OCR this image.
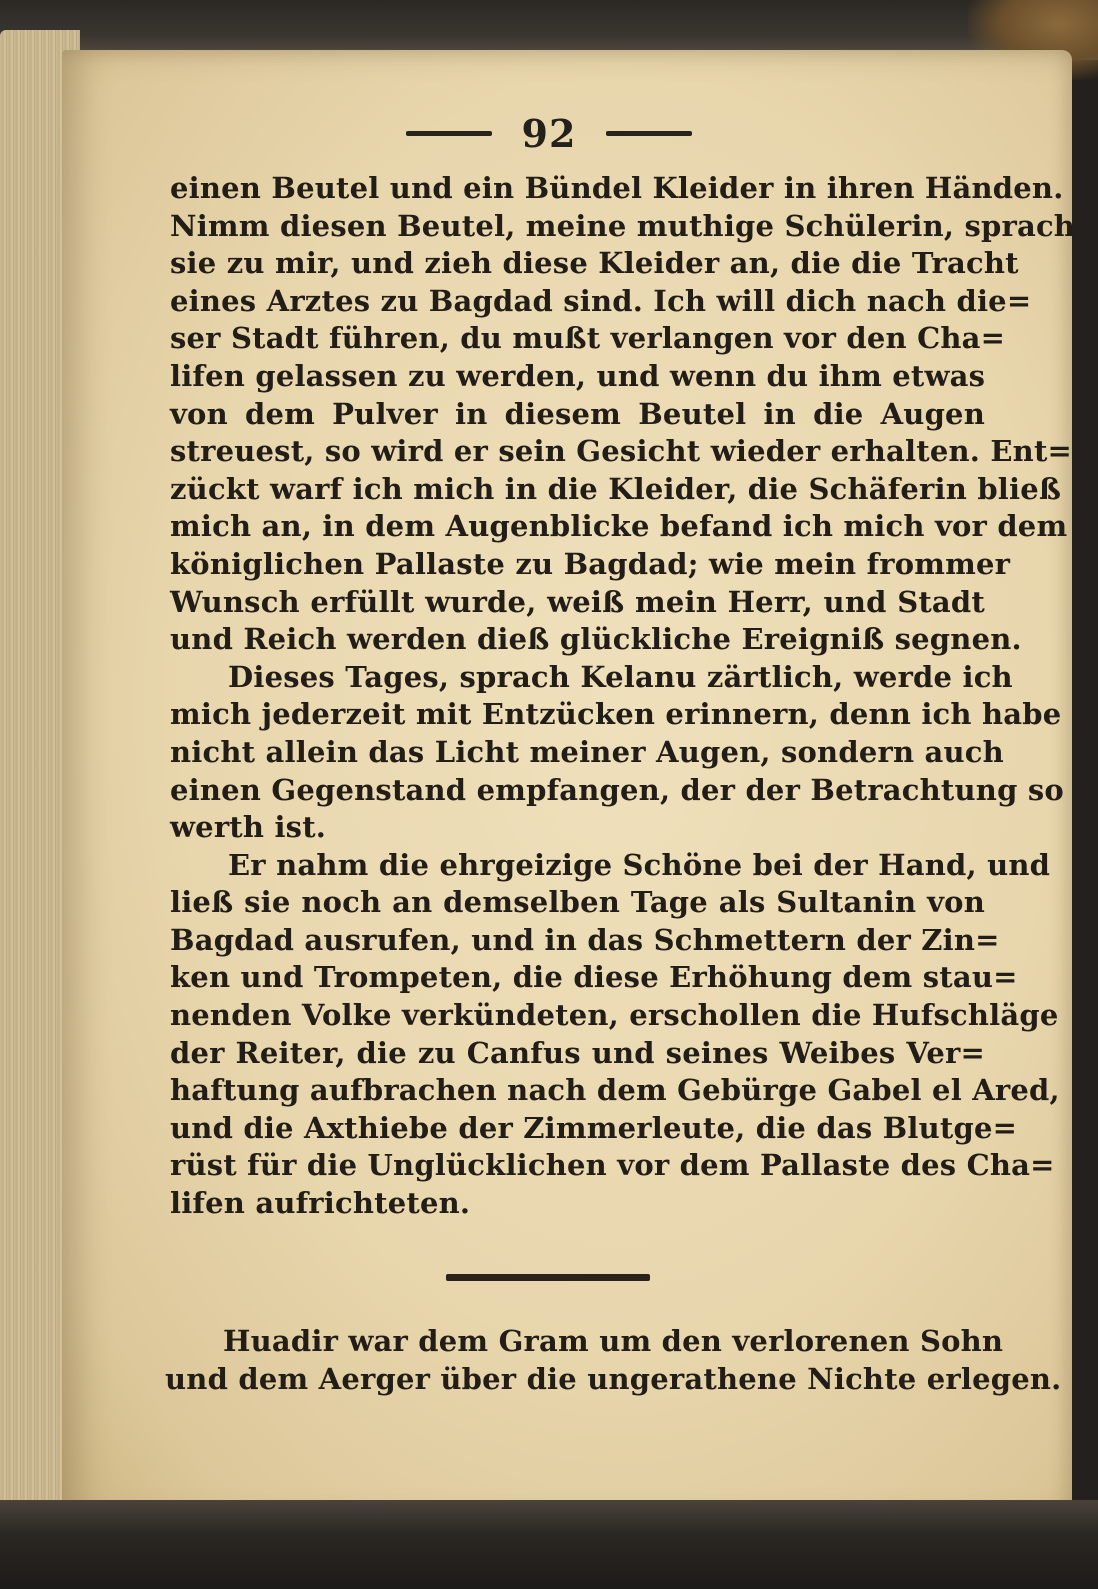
92
einen Beutel und ein Bündel Kleider in ihren Händen.
Nimm diesen Beutel, meine muthige Schülerin, sprach
sie zu mir, und zieh diese Kleider an, die die Tracht
eines Arztes zu Bagdad sind. Ich will dich nach die=
ser Stadt führen, du mußt verlangen vor den Cha=
lifen gelassen zu werden, und wenn du ihm etwas
von dem Pulver in diesem Beutel in die Augen
streuest, so wird er sein Gesicht wieder erhalten. Ent=
zückt warf ich mich in die Kleider, die Schäferin bließ
mich an, in dem Augenblicke befand ich mich vor dem
königlichen Pallaste zu Bagdad; wie mein frommer
Wunsch erfüllt wurde, weiß mein Herr, und Stadt
und Reich werden dieß glückliche Ereigniß segnen.
Dieses Tages, sprach Kelanu zärtlich, werde ich
mich jederzeit mit Entzücken erinnern, denn ich habe
nicht allein das Licht meiner Augen, sondern auch
einen Gegenstand empfangen, der der Betrachtung so
werth ist.
Er nahm die ehrgeizige Schöne bei der Hand, und
ließ sie noch an demselben Tage als Sultanin von
Bagdad ausrufen, und in das Schmettern der Zin=
ken und Trompeten, die diese Erhöhung dem stau=
nenden Volke verkündeten, erschollen die Hufschläge
der Reiter, die zu Canfus und seines Weibes Ver=
haftung aufbrachen nach dem Gebürge Gabel el Ared,
und die Axthiebe der Zimmerleute, die das Blutge=
rüst für die Unglücklichen vor dem Pallaste des Cha=
lifen aufrichteten.
Huadir war dem Gram um den verlorenen Sohn
und dem Aerger über die ungerathene Nichte erlegen.
